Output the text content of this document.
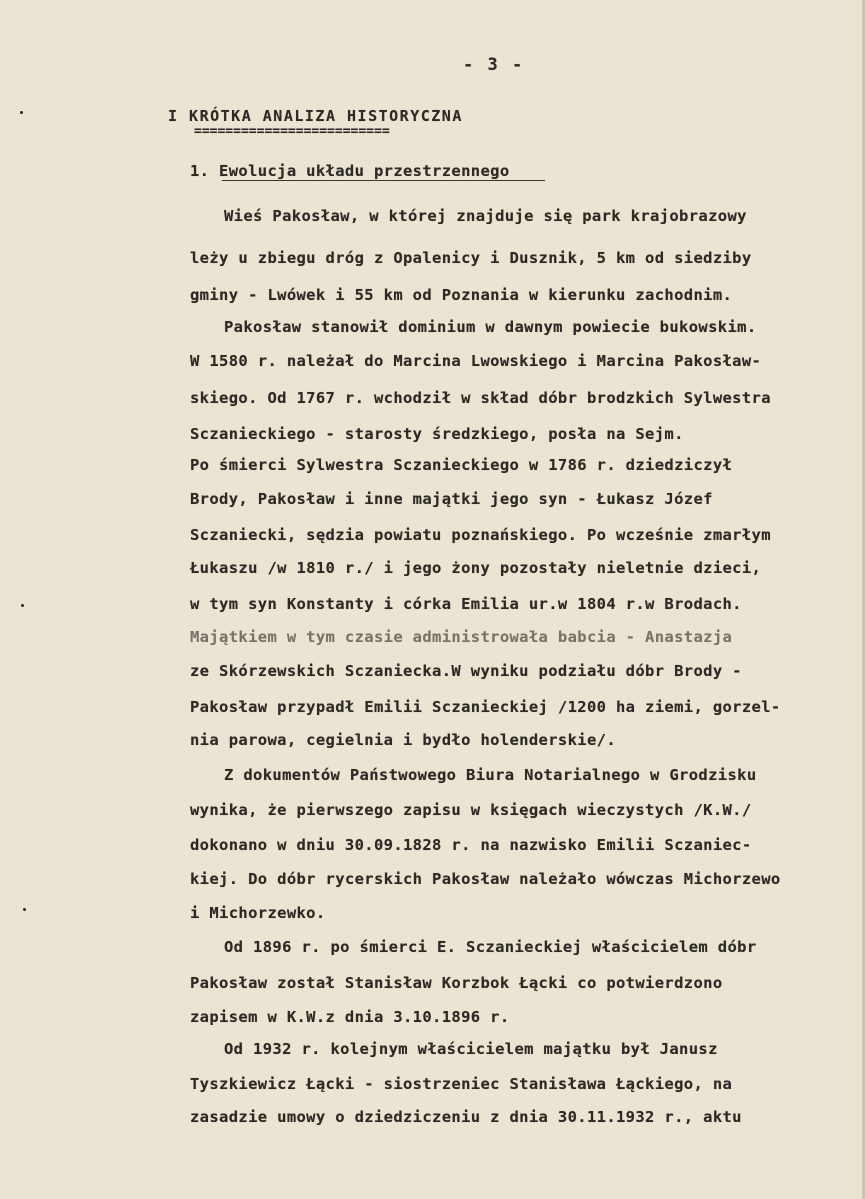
- 3 -
I KRÓTKA ANALIZA HISTORYCZNA
=========================
1. Ewolucja układu przestrzennego
Wieś Pakosław, w której znajduje się park krajobrazowy
leży u zbiegu dróg z Opalenicy i Dusznik, 5 km od siedziby
gminy - Lwówek i 55 km od Poznania w kierunku zachodnim.
Pakosław stanowił dominium w dawnym powiecie bukowskim.
W 1580 r. należał do Marcina Lwowskiego i Marcina Pakosław-
skiego. Od 1767 r. wchodził w skład dóbr brodzkich Sylwestra
Sczanieckiego - starosty średzkiego, posła na Sejm.
Po śmierci Sylwestra Sczanieckiego w 1786 r. dziedziczył
Brody, Pakosław i inne majątki jego syn - Łukasz Józef
Sczaniecki, sędzia powiatu poznańskiego. Po wcześnie zmarłym
Łukaszu /w 1810 r./ i jego żony pozostały nieletnie dzieci,
w tym syn Konstanty i córka Emilia ur.w 1804 r.w Brodach.
Majątkiem w tym czasie administrowała babcia - Anastazja
ze Skórzewskich Sczaniecka.W wyniku podziału dóbr Brody -
Pakosław przypadł Emilii Sczanieckiej /1200 ha ziemi, gorzel-
nia parowa, cegielnia i bydło holenderskie/.
Z dokumentów Państwowego Biura Notarialnego w Grodzisku
wynika, że pierwszego zapisu w księgach wieczystych /K.W./
dokonano w dniu 30.09.1828 r. na nazwisko Emilii Sczaniec-
kiej. Do dóbr rycerskich Pakosław należało wówczas Michorzewo
i Michorzewko.
Od 1896 r. po śmierci E. Sczanieckiej właścicielem dóbr
Pakosław został Stanisław Korzbok Łącki co potwierdzono
zapisem w K.W.z dnia 3.10.1896 r.
Od 1932 r. kolejnym właścicielem majątku był Janusz
Tyszkiewicz Łącki - siostrzeniec Stanisława Łąckiego, na
zasadzie umowy o dziedziczeniu z dnia 30.11.1932 r., aktu
